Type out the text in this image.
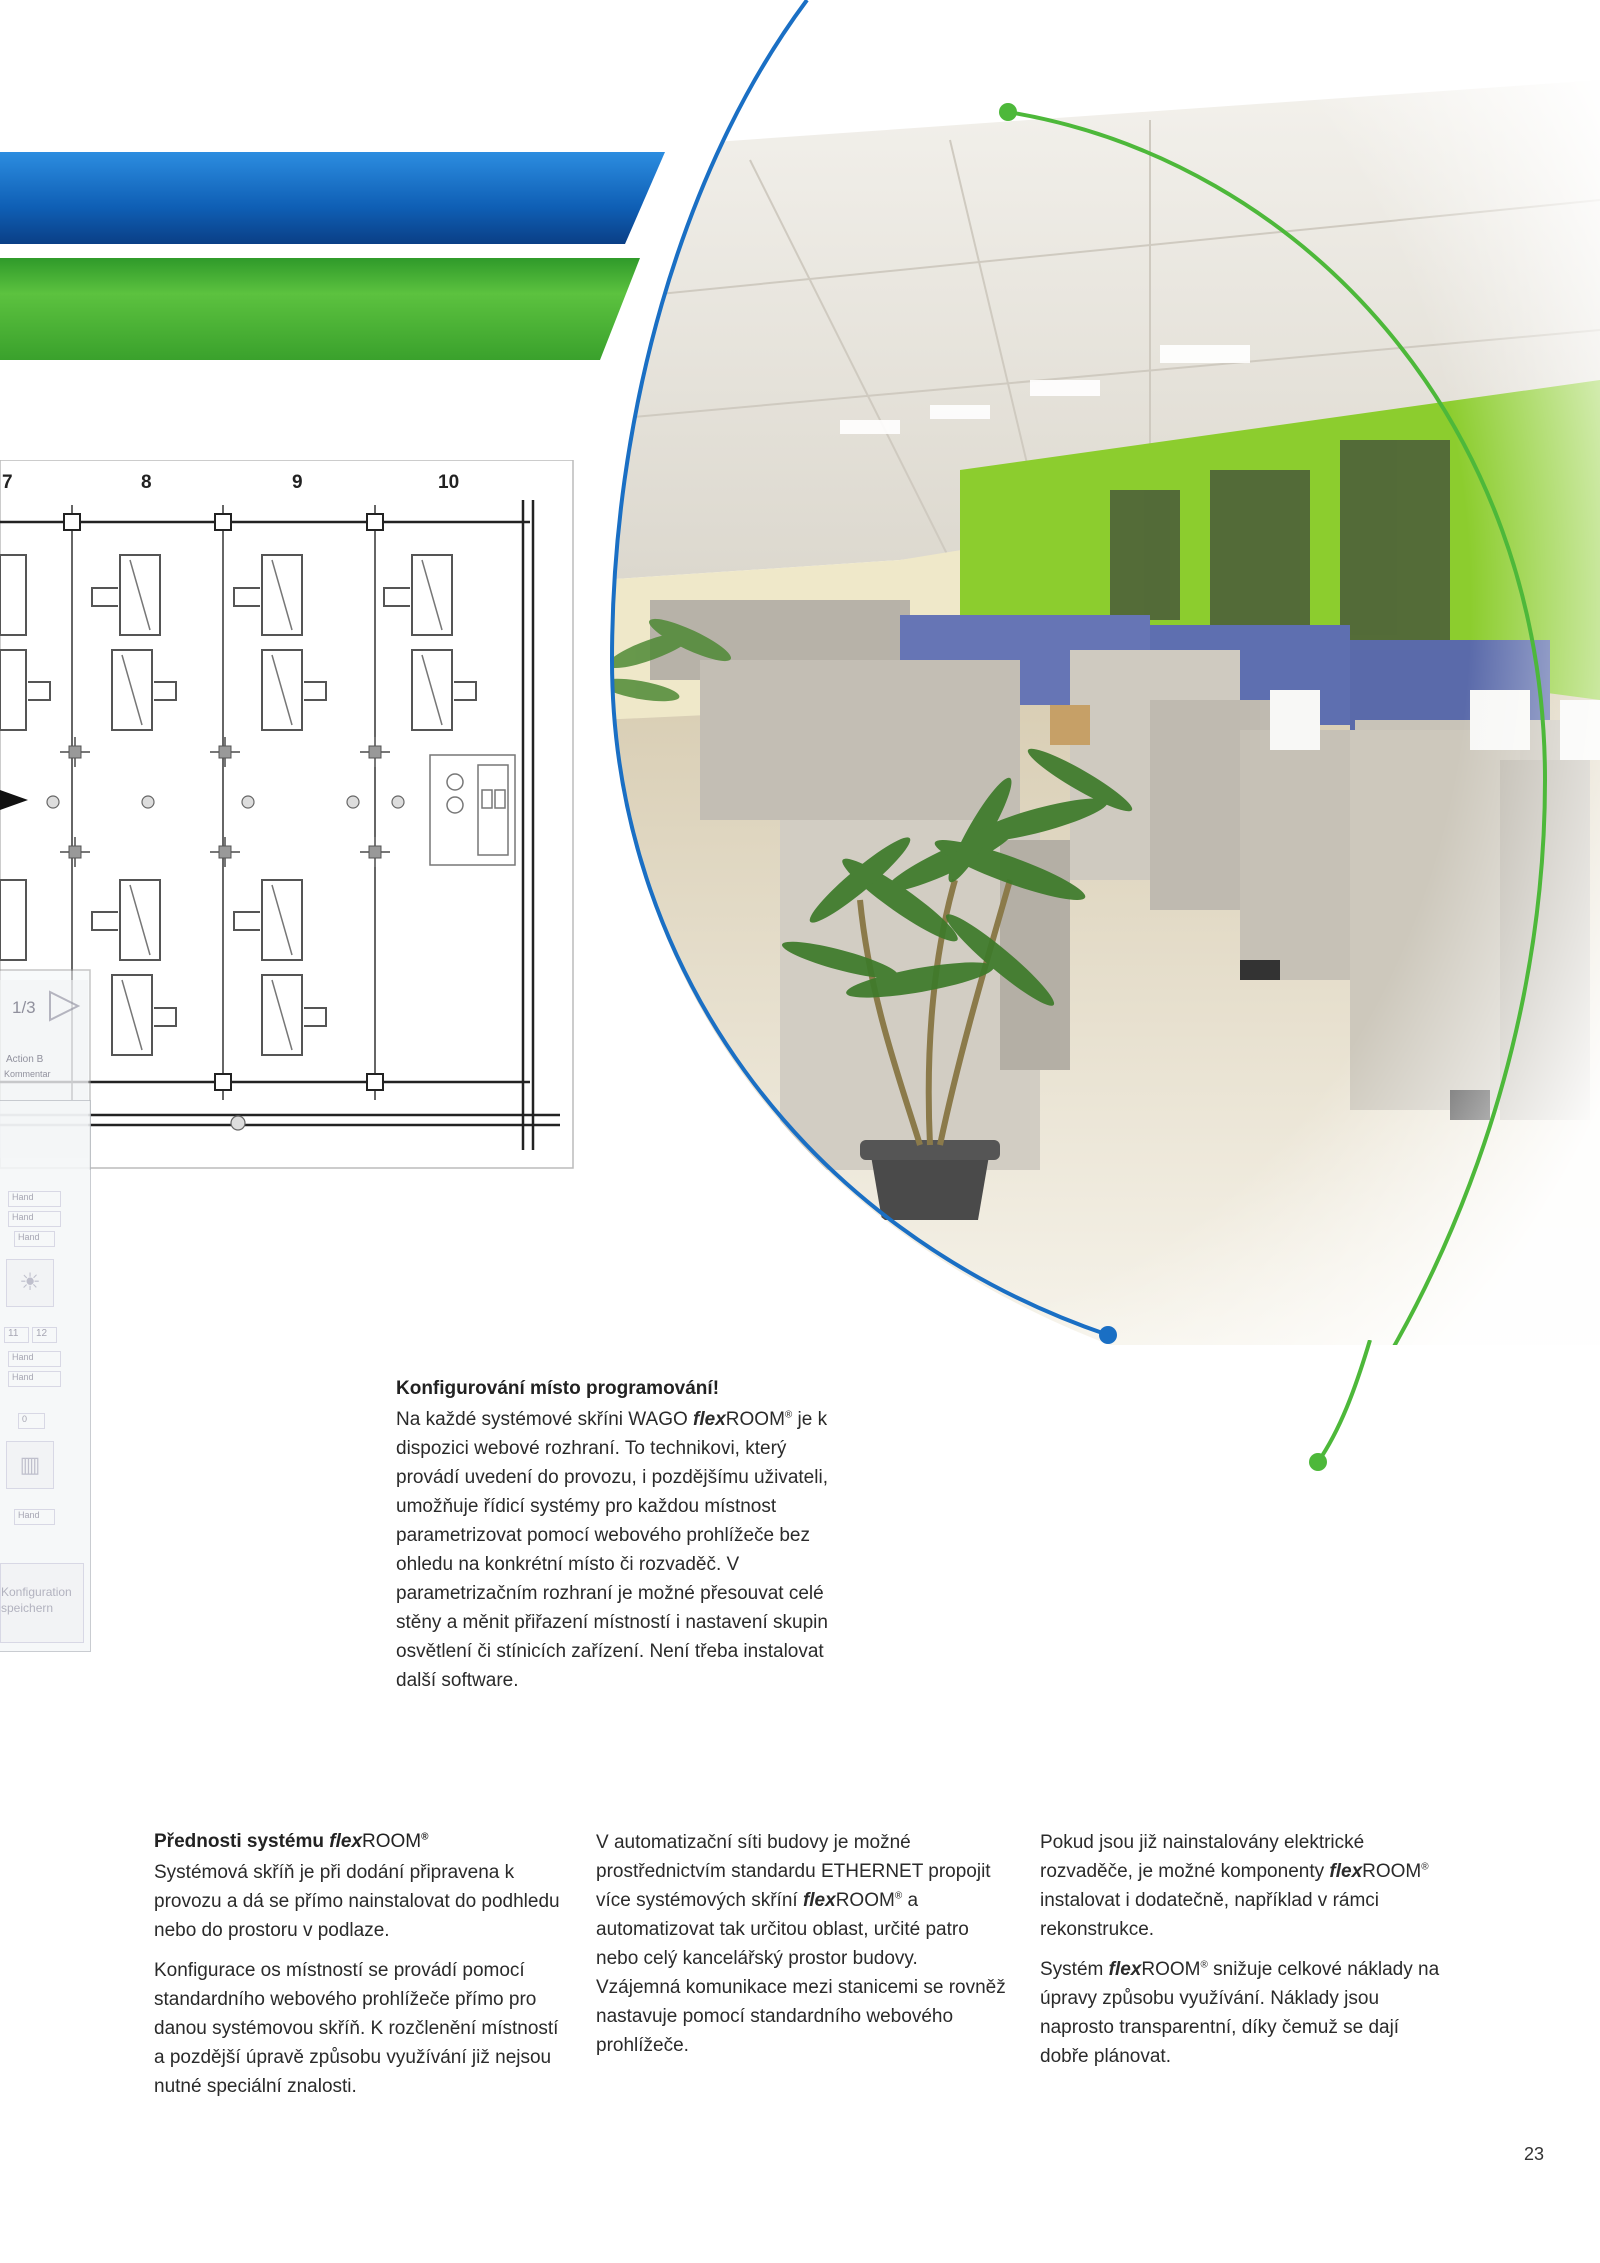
7	8	9	10
1/3
Action B
Kommentar
Hand
Hand
Hand
☀
11	12
Hand
Hand
0
▥
Hand
Konfiguration
speichern
Konfigurování místo programování!

Na každé systémové skříni WAGO flexROOM® je k dispozici webové rozhraní. To technikovi, který provádí uvedení do provozu, i pozdějšímu uživateli, umožňuje řídicí systémy pro každou místnost parametrizovat pomocí webového prohlížeče bez ohledu na konkrétní místo či rozvaděč. V parametrizačním rozhraní je možné přesouvat celé stěny a měnit přiřazení místností i nastavení skupin osvětlení či stínicích zařízení. Není třeba instalovat další software.

Přednosti systému flexROOM®

Systémová skříň je při dodání připravena k provozu a dá se přímo nainstalovat do podhledu nebo do prostoru v podlaze.

Konfigurace os místností se provádí pomocí standardního webového prohlížeče přímo pro danou systémovou skříň. K rozčlenění místností a pozdější úpravě způsobu využívání již nejsou nutné speciální znalosti.

V automatizační síti budovy je možné prostřednictvím standardu ETHERNET propojit více systémových skříní flexROOM® a automatizovat tak určitou oblast, určité patro nebo celý kancelářský prostor budovy. Vzájemná komunikace mezi stanicemi se rovněž nastavuje pomocí standardního webového prohlížeče.

Pokud jsou již nainstalovány elektrické rozvaděče, je možné komponenty flexROOM® instalovat i dodatečně, například v rámci rekonstrukce.

Systém flexROOM® snižuje celkové náklady na úpravy způsobu využívání. Náklady jsou naprosto transparentní, díky čemuž se dají dobře plánovat.

23
